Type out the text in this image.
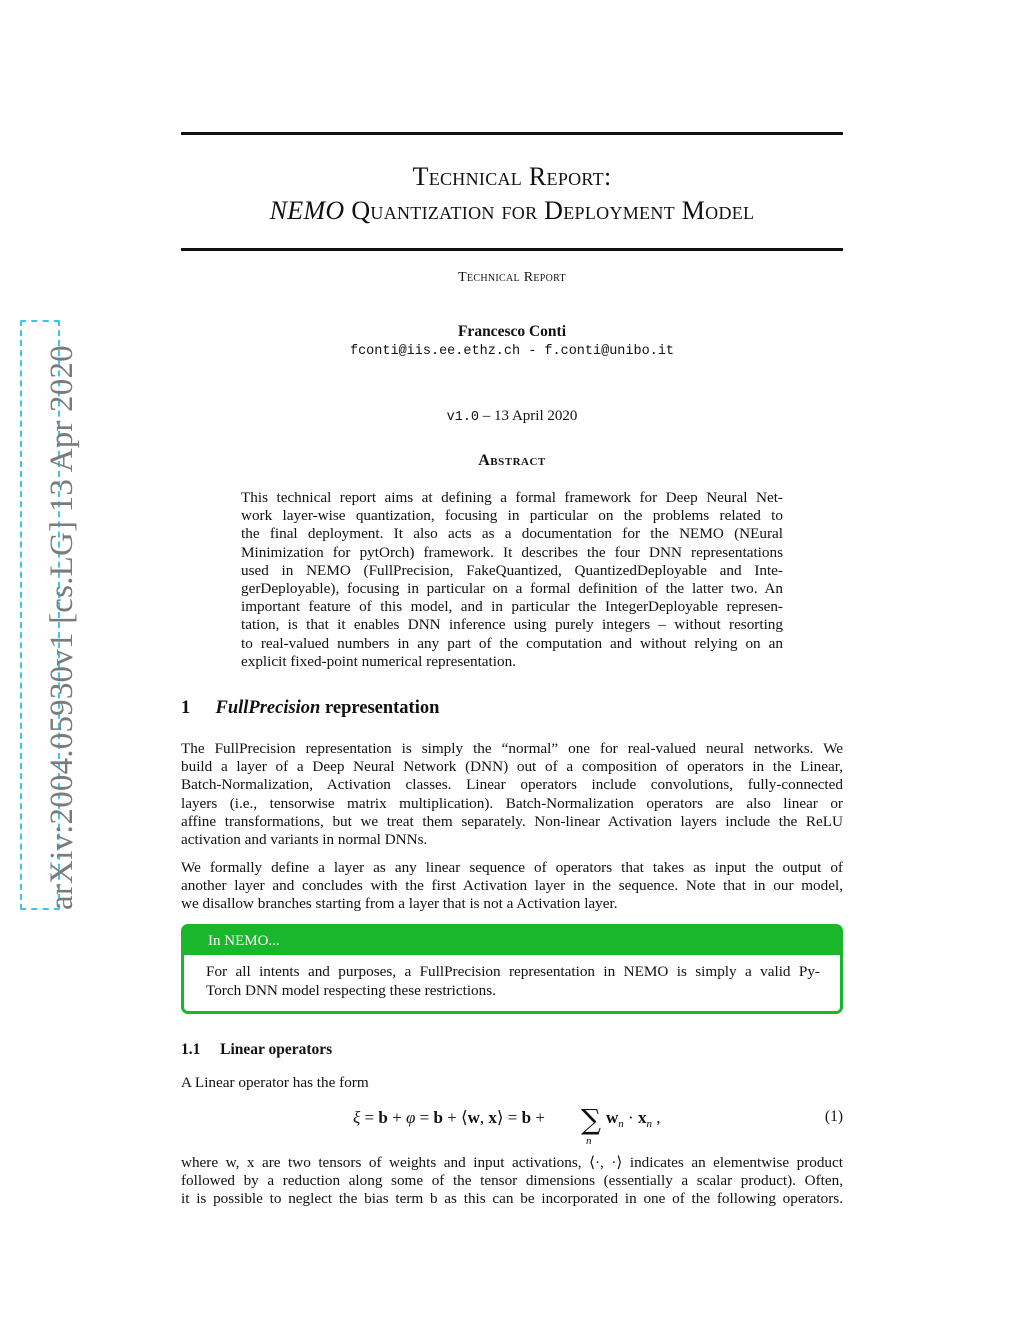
arXiv:2004.05930v1 [cs.LG] 13 Apr 2020
Technical Report:
NEMO Quantization for Deployment Model
Technical Report
Francesco Conti
fconti@iis.ee.ethz.ch - f.conti@unibo.it
v1.0 – 13 April 2020
Abstract
This technical report aims at defining a formal framework for Deep Neural Net-
work layer-wise quantization, focusing in particular on the problems related to
the final deployment. It also acts as a documentation for the NEMO (NEural
Minimization for pytOrch) framework. It describes the four DNN representations
used in NEMO (FullPrecision, FakeQuantized, QuantizedDeployable and Inte-
gerDeployable), focusing in particular on a formal definition of the latter two. An
important feature of this model, and in particular the IntegerDeployable represen-
tation, is that it enables DNN inference using purely integers – without resorting
to real-valued numbers in any part of the computation and without relying on an
explicit fixed-point numerical representation.
1 FullPrecision representation
The FullPrecision representation is simply the “normal” one for real-valued neural networks. We
build a layer of a Deep Neural Network (DNN) out of a composition of operators in the Linear,
Batch-Normalization, Activation classes. Linear operators include convolutions, fully-connected
layers (i.e., tensorwise matrix multiplication). Batch-Normalization operators are also linear or
affine transformations, but we treat them separately. Non-linear Activation layers include the ReLU
activation and variants in normal DNNs.
We formally define a layer as any linear sequence of operators that takes as input the output of
another layer and concludes with the first Activation layer in the sequence. Note that in our model,
we disallow branches starting from a layer that is not a Activation layer.
In NEMO...
For all intents and purposes, a FullPrecision representation in NEMO is simply a valid Py-
Torch DNN model respecting these restrictions.
1.1 Linear operators
A Linear operator has the form
ξ = b + φ = b + ⟨w, x⟩ = b + ∑
n
$w_n \cdot x_n$ ,	(1)
where w, x are two tensors of weights and input activations, ⟨·, ·⟩ indicates an elementwise product
followed by a reduction along some of the tensor dimensions (essentially a scalar product). Often,
it is possible to neglect the bias term b as this can be incorporated in one of the following operators.
